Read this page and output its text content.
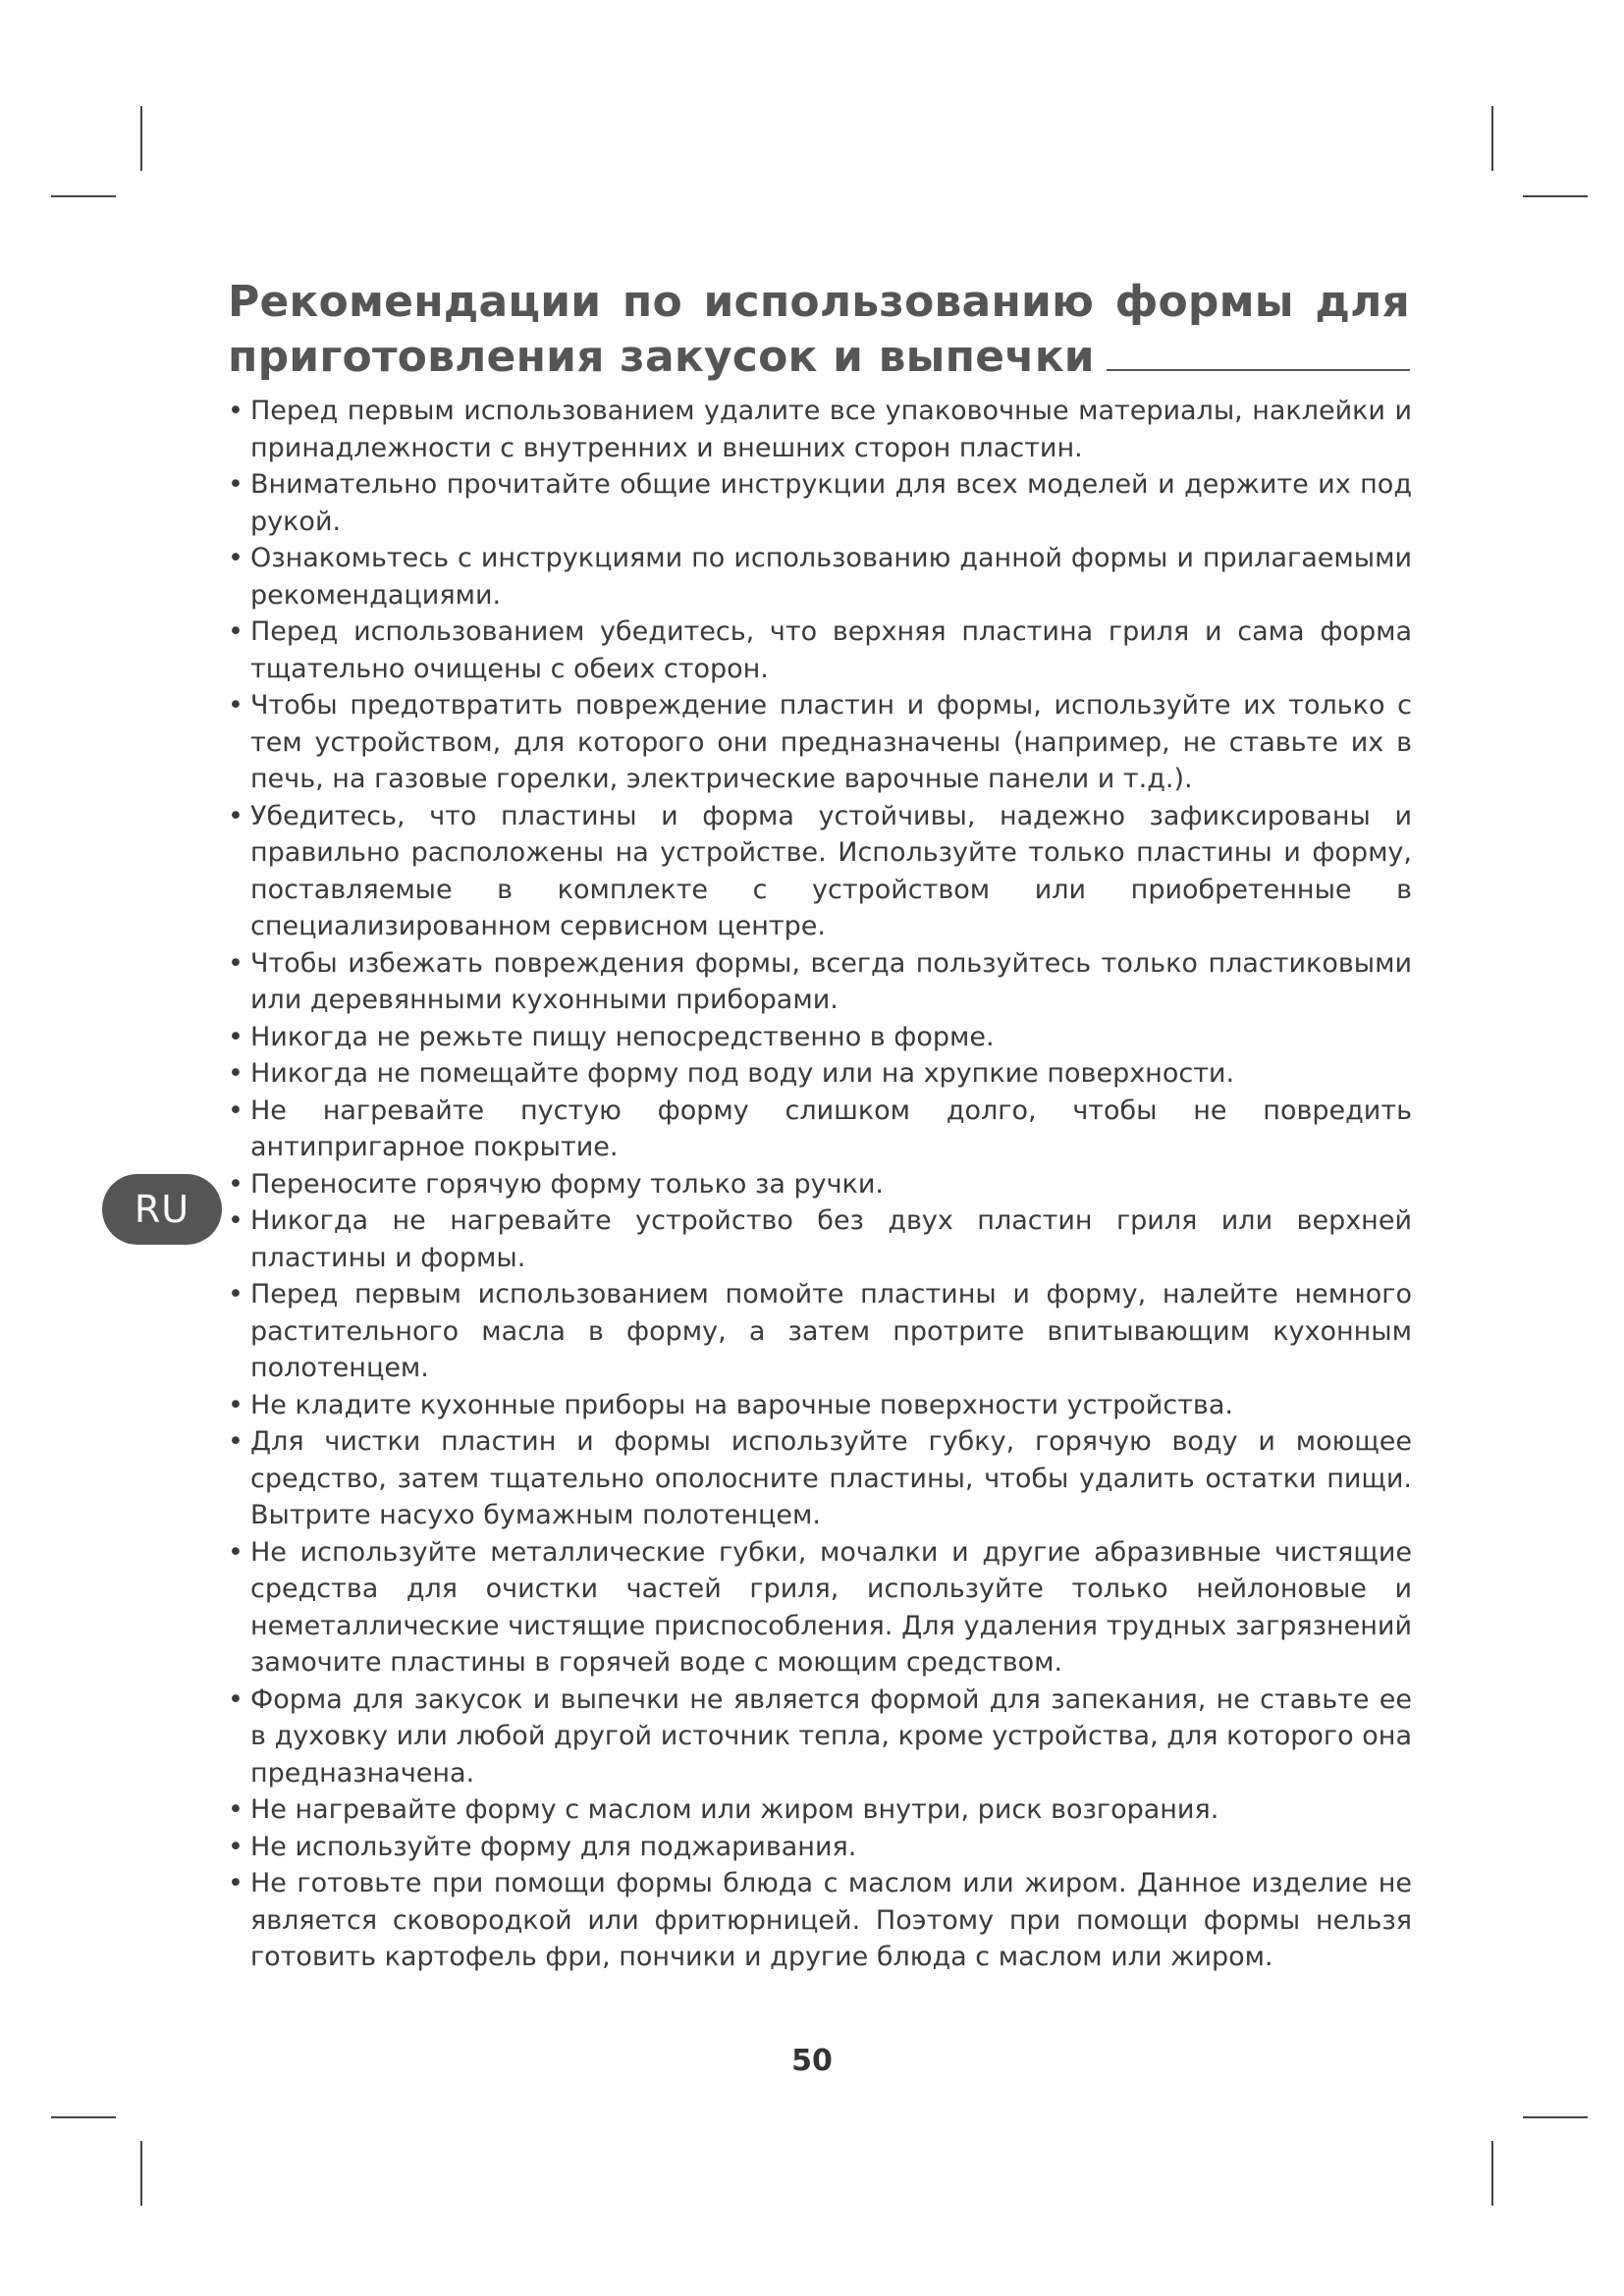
Рекомендации по использованию формы для
приготовления закусок и выпечки
• Перед первым использованием удалите все упаковочные материалы, наклейки и принадлежности с внутренних и внешних сторон пластин.
• Внимательно прочитайте общие инструкции для всех моделей и держите их под рукой.
• Ознакомьтесь с инструкциями по использованию данной формы и прилагаемыми рекомендациями.
• Перед использованием убедитесь, что верхняя пластина гриля и сама форма тщательно очищены с обеих сторон.
• Чтобы предотвратить повреждение пластин и формы, используйте их только с тем устройством, для которого они предназначены (например, не ставьте их в печь, на газовые горелки, электрические варочные панели и т.д.).
• Убедитесь, что пластины и форма устойчивы, надежно зафиксированы и правильно расположены на устройстве. Используйте только пластины и форму, поставляемые в комплекте с устройством или приобретенные в специализированном сервисном центре.
• Чтобы избежать повреждения формы, всегда пользуйтесь только пластиковыми или деревянными кухонными приборами.
• Никогда не режьте пищу непосредственно в форме.
• Никогда не помещайте форму под воду или на хрупкие поверхности.
• Не нагревайте пустую форму слишком долго, чтобы не повредить антипригарное покрытие.
• Переносите горячую форму только за ручки.
• Никогда не нагревайте устройство без двух пластин гриля или верхней пластины и формы.
• Перед первым использованием помойте пластины и форму, налейте немного растительного масла в форму, а затем протрите впитывающим кухонным полотенцем.
• Не кладите кухонные приборы на варочные поверхности устройства.
• Для чистки пластин и формы используйте губку, горячую воду и моющее средство, затем тщательно ополосните пластины, чтобы удалить остатки пищи. Вытрите насухо бумажным полотенцем.
• Не используйте металлические губки, мочалки и другие абразивные чистящие средства для очистки частей гриля, используйте только нейлоновые и неметаллические чистящие приспособления. Для удаления трудных загрязнений замочите пластины в горячей воде с моющим средством.
• Форма для закусок и выпечки не является формой для запекания, не ставьте ее в духовку или любой другой источник тепла, кроме устройства, для которого она предназначена.
• Не нагревайте форму с маслом или жиром внутри, риск возгорания.
• Не используйте форму для поджаривания.
• Не готовьте при помощи формы блюда с маслом или жиром. Данное изделие не является сковородкой или фритюрницей. Поэтому при помощи формы нельзя готовить картофель фри, пончики и другие блюда с маслом или жиром.
RU
50
